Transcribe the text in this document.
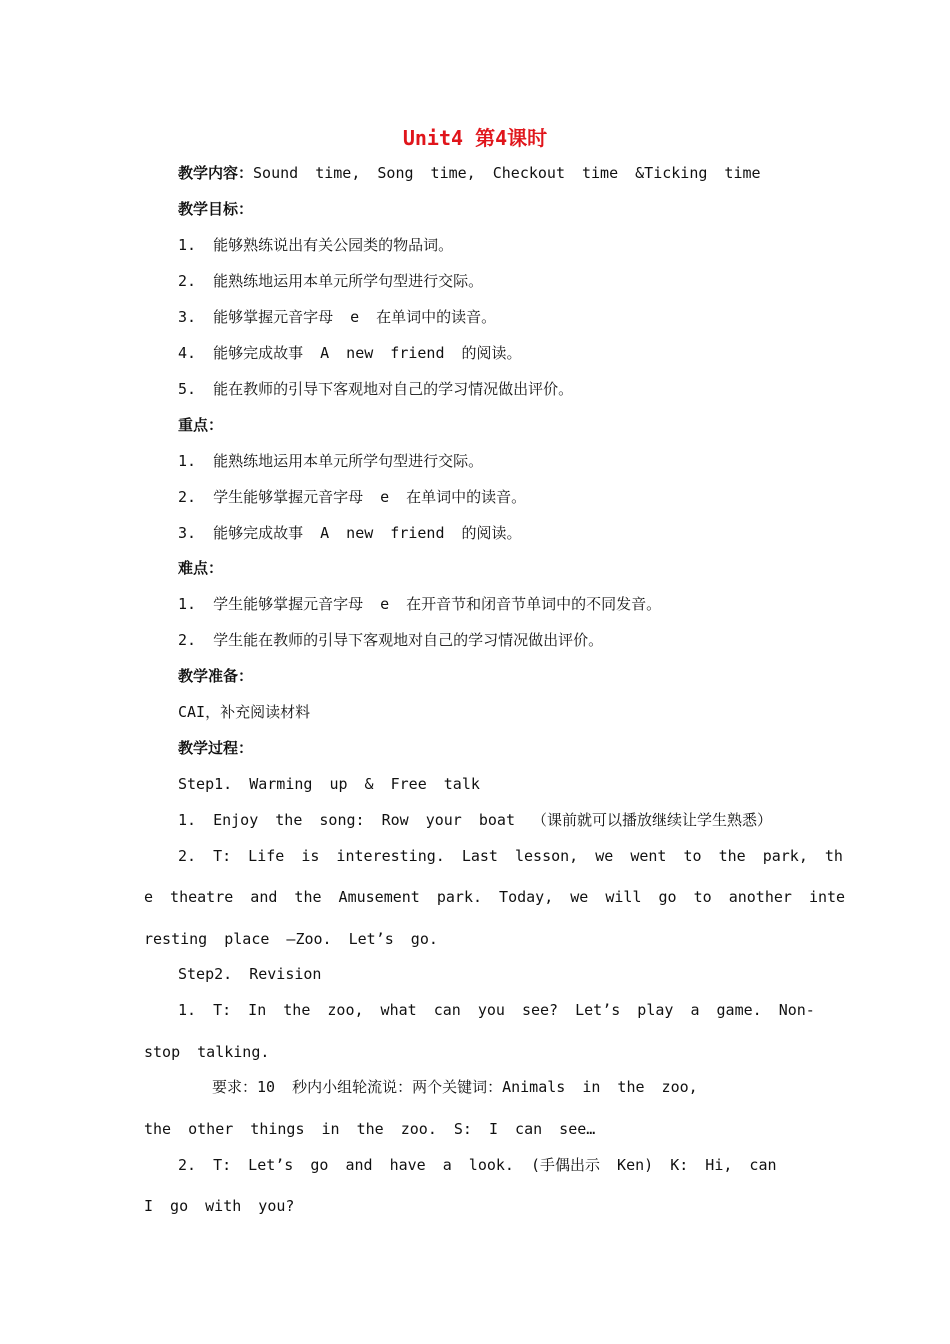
Unit4 第4课时
教学内容：Sound time, Song time, Checkout time &Ticking time
教学目标：
1. 能够熟练说出有关公园类的物品词。
2. 能熟练地运用本单元所学句型进行交际。
3. 能够掌握元音字母 e 在单词中的读音。
4. 能够完成故事 A new friend 的阅读。
5. 能在教师的引导下客观地对自己的学习情况做出评价。
重点：
1. 能熟练地运用本单元所学句型进行交际。
2. 学生能够掌握元音字母 e 在单词中的读音。
3. 能够完成故事 A new friend 的阅读。
难点：
1. 学生能够掌握元音字母 e 在开音节和闭音节单词中的不同发音。
2. 学生能在教师的引导下客观地对自己的学习情况做出评价。
教学准备：
CAI，补充阅读材料
教学过程：
Step1. Warming up & Free talk
1. Enjoy the song: Row your boat （课前就可以播放继续让学生熟悉）
2. T: Life is interesting. Last lesson, we went to the park, th
e theatre and the Amusement park. Today, we will go to another inte
resting place –Zoo. Let’s go.
Step2. Revision
1. T: In the zoo, what can you see? Let’s play a game. Non-
stop talking.
要求：10 秒内小组轮流说：两个关键词：Animals in the zoo,
the other things in the zoo. S: I can see…
2. T: Let’s go and have a look. (手偶出示 Ken) K: Hi, can
I go with you?
